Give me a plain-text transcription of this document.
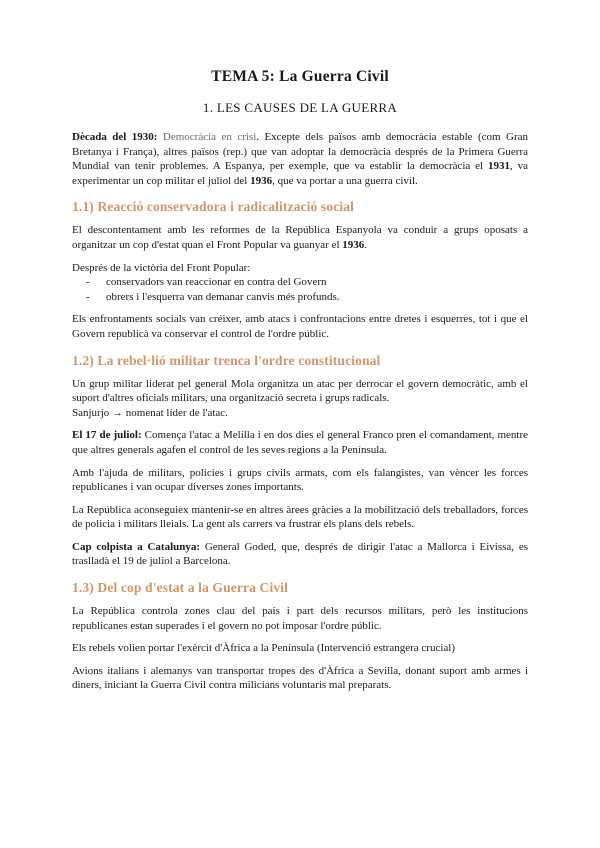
TEMA 5: La Guerra Civil
1. LES CAUSES DE LA GUERRA

Dècada del 1930: Democràcia en crisi. Excepte dels països amb democràcia estable (com Gran Bretanya i França), altres països (rep.) que van adoptar la democràcia després de la Primera Guerra Mundial van tenir problemes. A Espanya, per exemple, que va establir la democràcia el 1931, va experimentar un cop militar el juliol del 1936, que va portar a una guerra civil.

1.1) Reacció conservadora i radicalització social

El descontentament amb les reformes de la República Espanyola va conduir a grups oposats a organitzar un cop d'estat quan el Front Popular va guanyar el 1936.

Després de la victòria del Front Popular:

- conservadors van reaccionar en contra del Govern
- obrers i l'esquerra van demanar canvis més profunds.

Els enfrontaments socials van créixer, amb atacs i confrontacions entre dretes i esquerres, tot i que el Govern republicà va conservar el control de l'ordre públic.

1.2) La rebel·lió militar trenca l'ordre constitucional

Un grup militar liderat pel general Mola organitza un atac per derrocar el govern democràtic, amb el suport d'altres oficials militars, una organització secreta i grups radicals.
Sanjurjo → nomenat líder de l'atac.

El 17 de juliol: Comença l'atac a Melilla i en dos dies el general Franco pren el comandament, mentre que altres generals agafen el control de les seves regions a la Península.

Amb l'ajuda de militars, policies i grups civils armats, com els falangistes, van vèncer les forces republicanes i van ocupar diverses zones importants.

La República aconseguiex mantenir-se en altres àrees gràcies a la mobilització dels treballadors, forces de policia i militars lleials. La gent als carrers va frustrar els plans dels rebels.

Cap colpista a Catalunya: General Goded, que, després de dirigir l'atac a Mallorca i Eivissa, es traslladà el 19 de juliol a Barcelona.

1.3) Del cop d'estat a la Guerra Civil

La República controla zones clau del país i part dels recursos militars, però les institucions republicanes estan superades i el govern no pot imposar l'ordre públic.

Els rebels volien portar l'exèrcit d'Àfrica a la Península (Intervenció estrangera crucial)

Avions italians i alemanys van transportar tropes des d'Àfrica a Sevilla, donant suport amb armes i diners, iniciant la Guerra Civil contra milicians voluntaris mal preparats.
